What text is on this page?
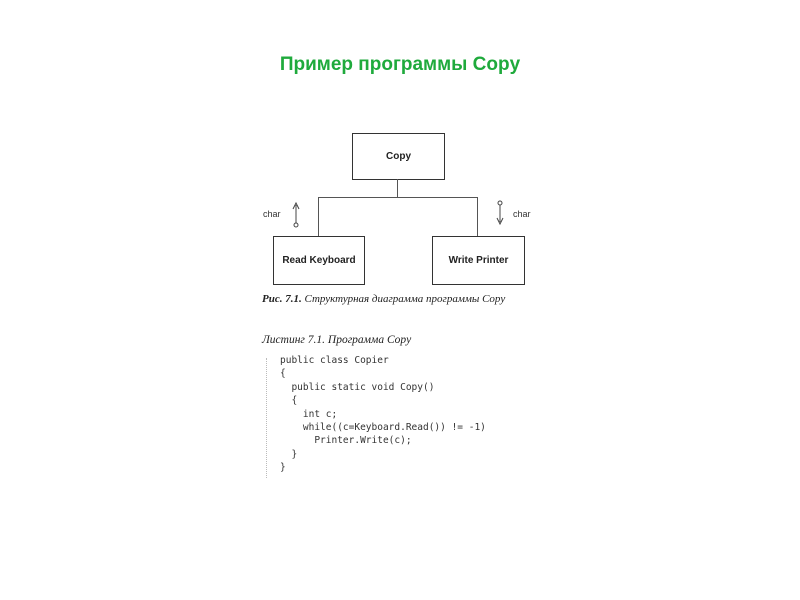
Пример программы Copy
Copy
Read Keyboard	Write Printer
char	char
Рис. 7.1. Структурная диаграмма программы Copy
Листинг 7.1. Программа Copy
public class Copier
{
public static void Copy()
{
int c;
while((c=Keyboard.Read()) != -1)
Printer.Write(c);
}
}
